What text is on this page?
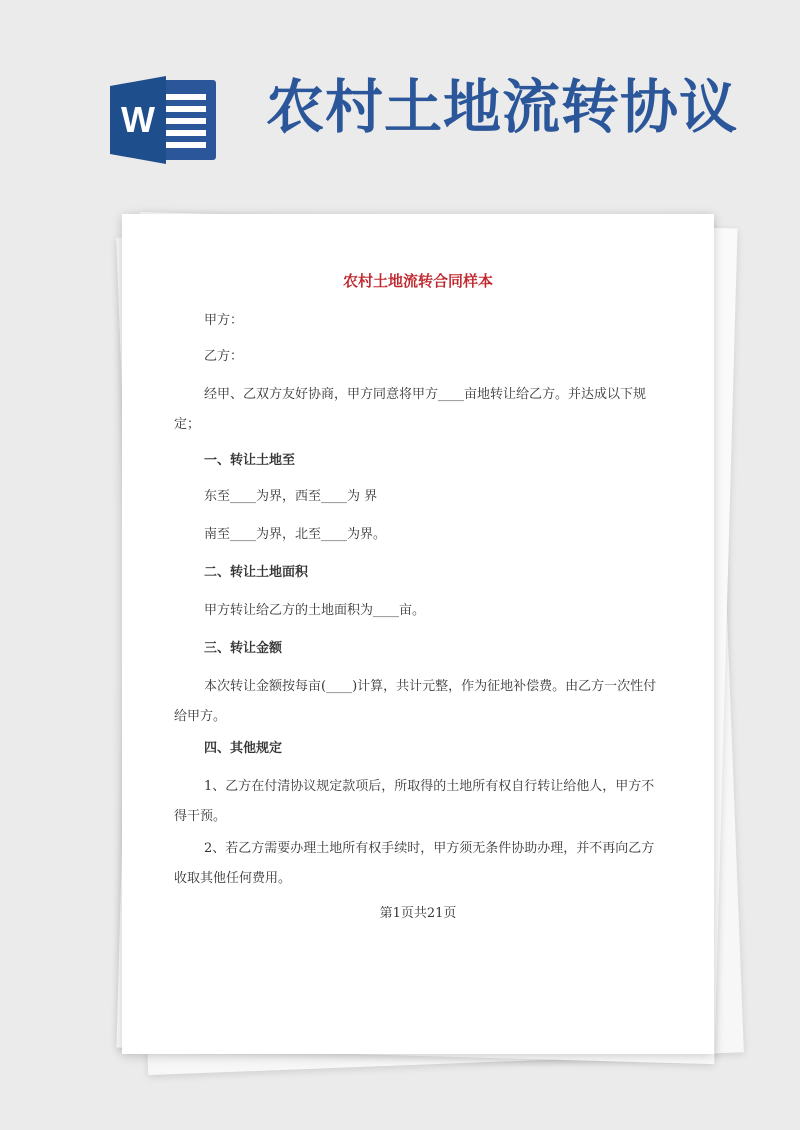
W 农村土地流转协议
农村土地流转合同样本
甲方：
乙方：
经甲、乙双方友好协商，甲方同意将甲方____亩地转让给乙方。并达成以下规定；
一、转让土地至
东至____为界，西至____为 界
南至____为界，北至____为界。
二、转让土地面积
甲方转让给乙方的土地面积为____亩。
三、转让金额
本次转让金额按每亩(____)计算，共计元整，作为征地补偿费。由乙方一次性付给甲方。
四、其他规定
1、乙方在付清协议规定款项后，所取得的土地所有权自行转让给他人，甲方不得干预。
2、若乙方需要办理土地所有权手续时，甲方须无条件协助办理，并不再向乙方收取其他任何费用。
第1页共21页
